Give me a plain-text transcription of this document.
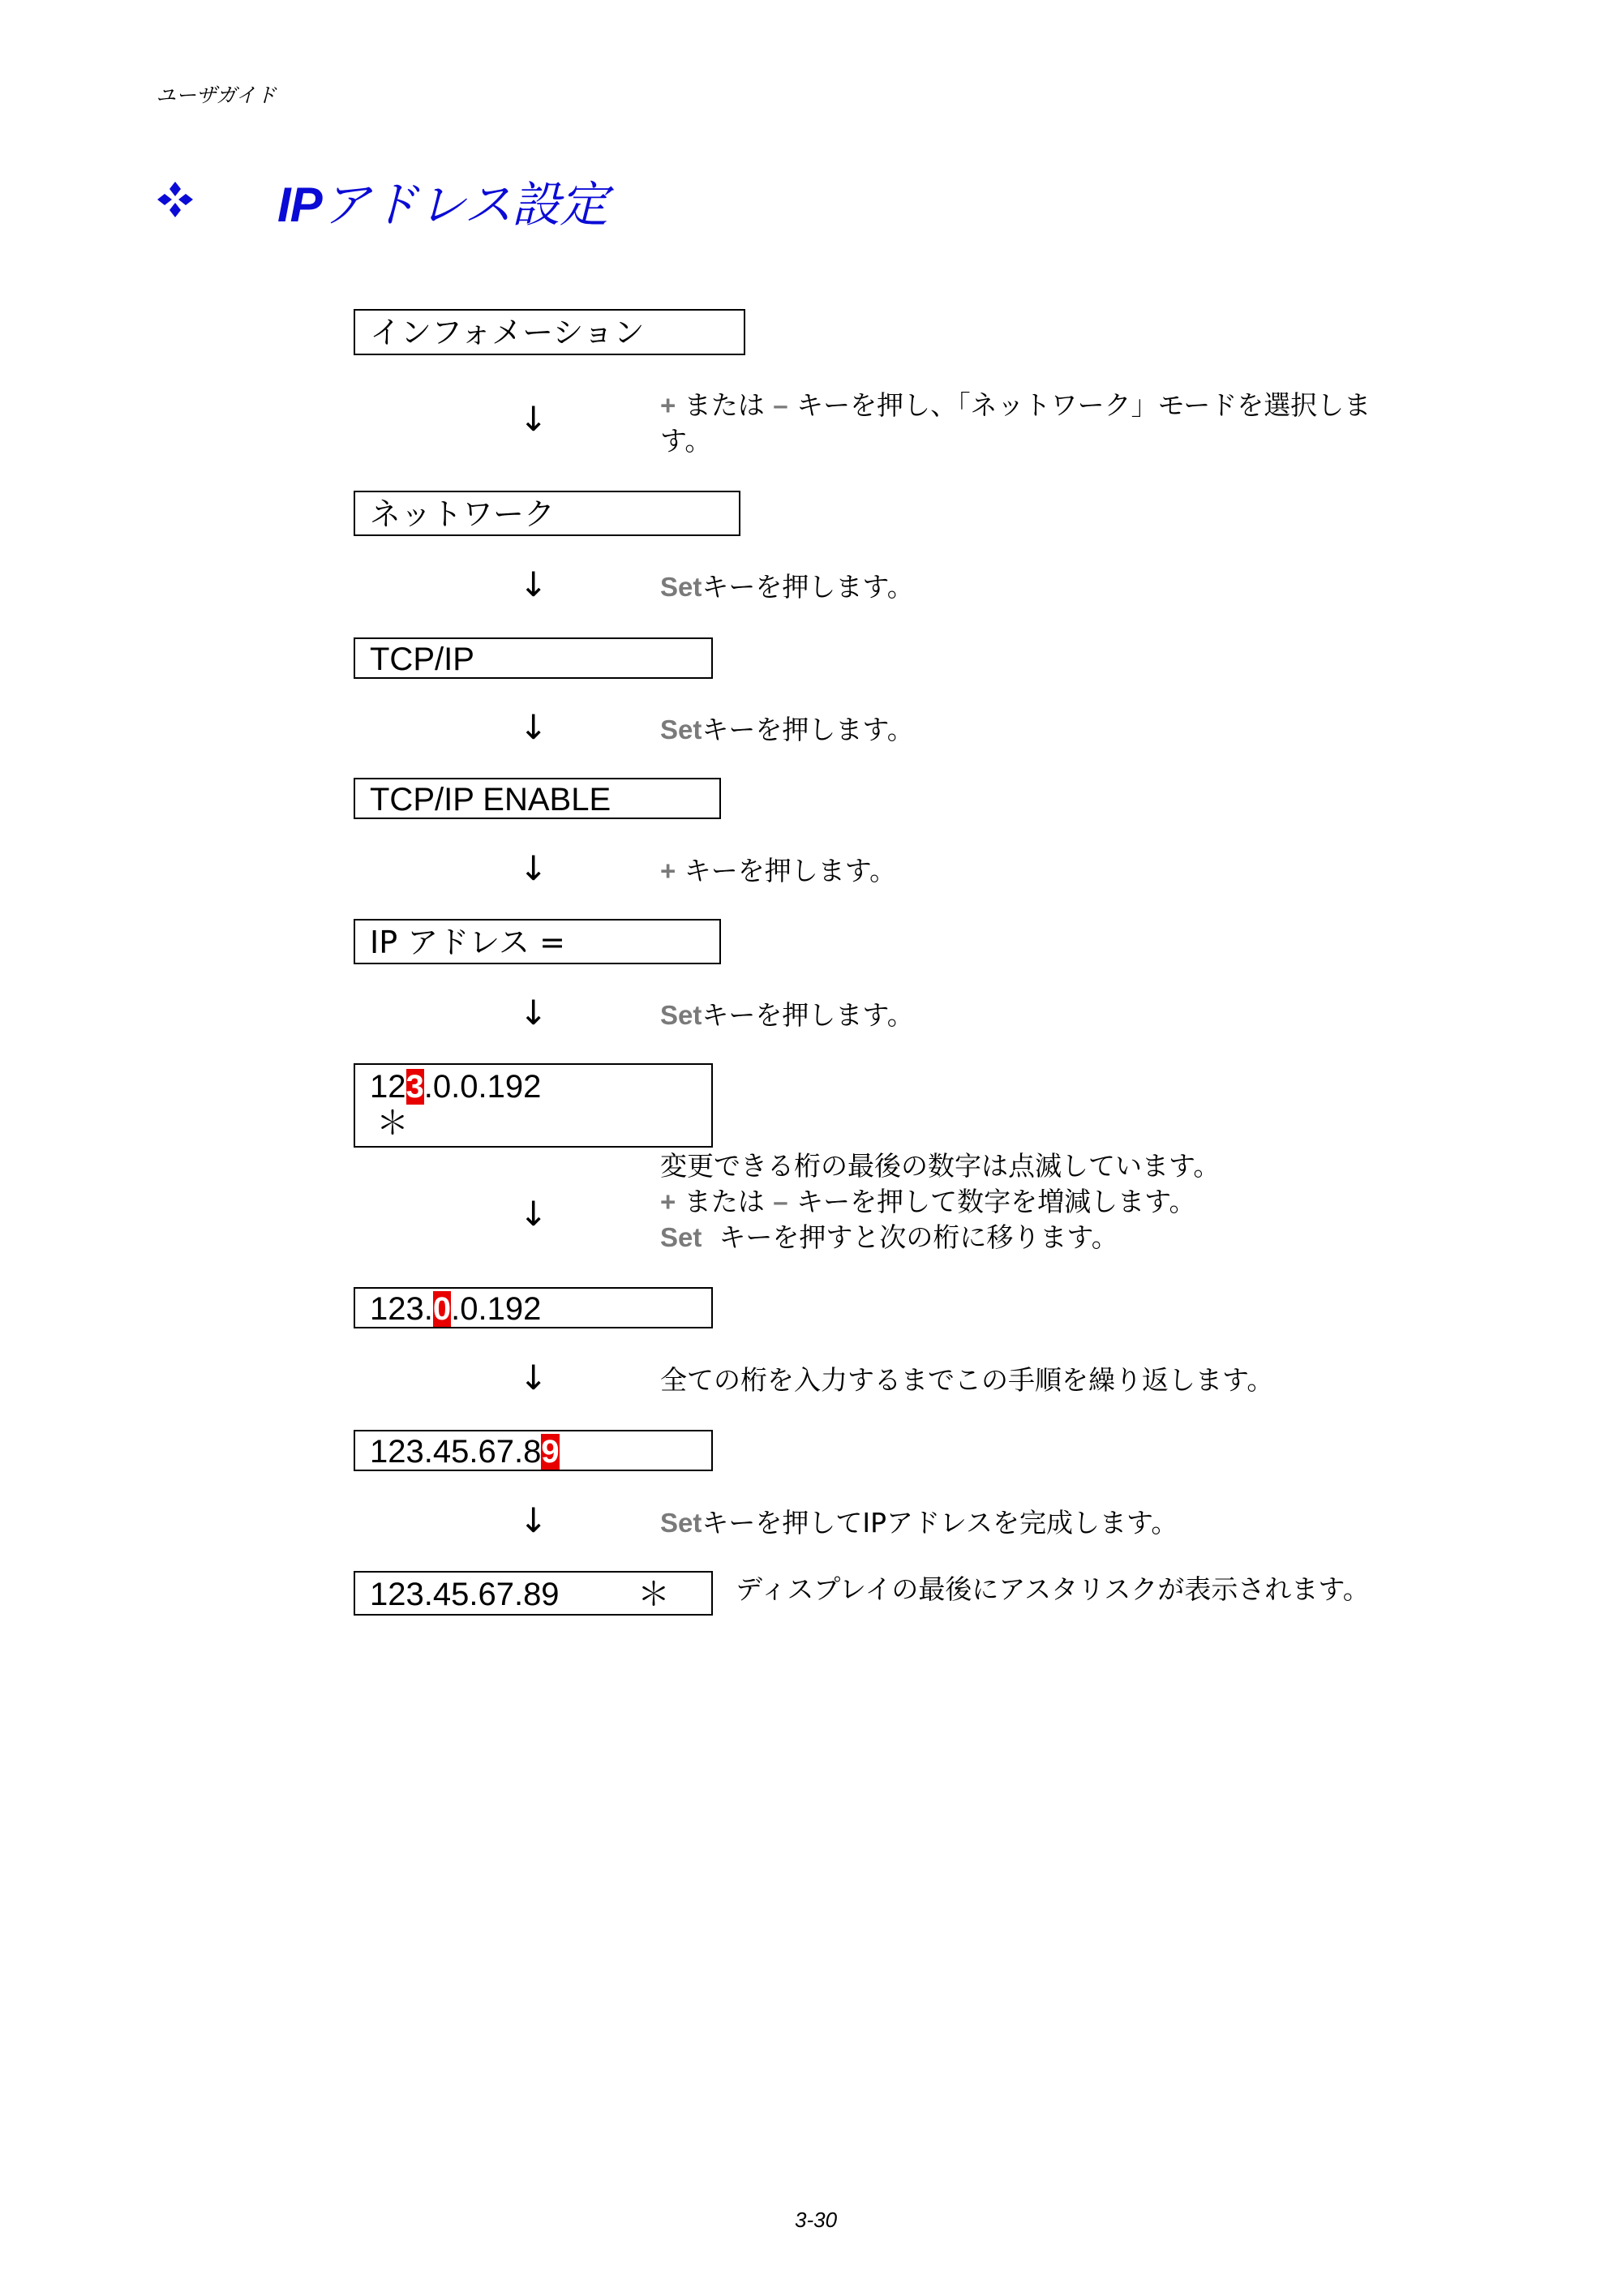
ユーザガイド
IPアドレス設定
インフォメーション
↓	+ または – キーを押し、「ネットワーク」モードを選択しま
す。
ネットワーク
↓	Setキーを押します。
TCP/IP
↓	Setキーを押します。
TCP/IP ENABLE
↓	+ キーを押します。
IP アドレス =
↓	Setキーを押します。
123.0.0.192
＊
↓
変更できる桁の最後の数字は点滅しています。
+ または – キーを押して数字を増減します。
Set  キーを押すと次の桁に移ります。
123.0.0.192
↓	全ての桁を入力するまでこの手順を繰り返します。
123.45.67.89
↓	Setキーを押してIPアドレスを完成します。
123.45.67.89 ＊ ディスプレイの最後にアスタリスクが表示されます。
3-30
